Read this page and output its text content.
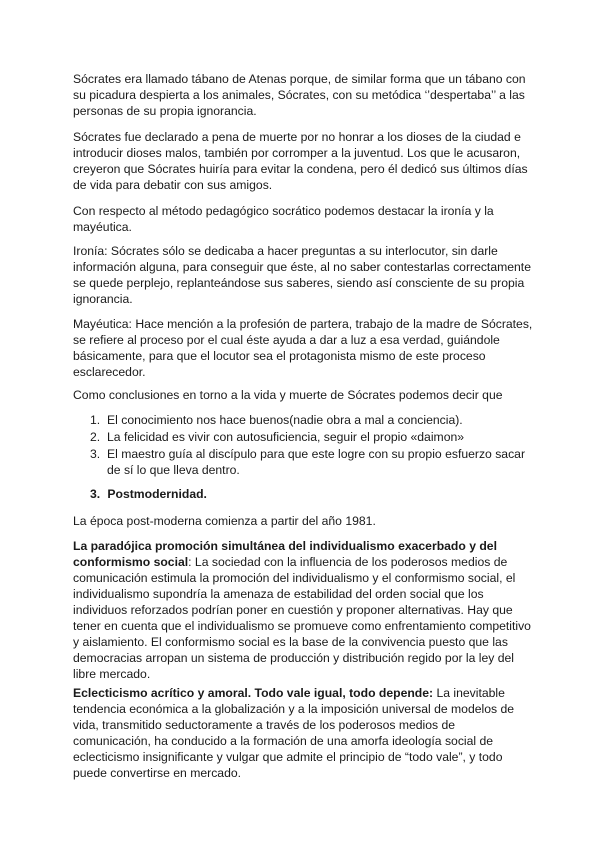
Sócrates era llamado tábano de Atenas porque, de similar forma que un tábano con su picadura despierta a los animales, Sócrates, con su metódica ‘’despertaba’’ a las personas de su propia ignorancia.

Sócrates fue declarado a pena de muerte por no honrar a los dioses de la ciudad e introducir dioses malos, también por corromper a la juventud. Los que le acusaron, creyeron que Sócrates huiría para evitar la condena, pero él dedicó sus últimos días de vida para debatir con sus amigos.

Con respecto al método pedagógico socrático podemos destacar la ironía y la mayéutica.

Ironía: Sócrates sólo se dedicaba a hacer preguntas a su interlocutor, sin darle información alguna, para conseguir que éste, al no saber contestarlas correctamente se quede perplejo, replanteándose sus saberes, siendo así consciente de su propia ignorancia.

Mayéutica: Hace mención a la profesión de partera, trabajo de la madre de Sócrates, se refiere al proceso por el cual éste ayuda a dar a luz a esa verdad, guiándole básicamente, para que el locutor sea el protagonista mismo de este proceso esclarecedor.

Como conclusiones en torno a la vida y muerte de Sócrates podemos decir que

1. El conocimiento nos hace buenos(nadie obra a mal a conciencia).
2. La felicidad es vivir con autosuficiencia, seguir el propio «daimon»
3. El maestro guía al discípulo para que este logre con su propio esfuerzo sacar de sí lo que lleva dentro.

3. Postmodernidad.

La época post-moderna comienza a partir del año 1981.

La paradójica promoción simultánea del individualismo exacerbado y del conformismo social: La sociedad con la influencia de los poderosos medios de comunicación estimula la promoción del individualismo y el conformismo social, el individualismo supondría la amenaza de estabilidad del orden social que los individuos reforzados podrían poner en cuestión y proponer alternativas. Hay que tener en cuenta que el individualismo se promueve como enfrentamiento competitivo y aislamiento. El conformismo social es la base de la convivencia puesto que las democracias arropan un sistema de producción y distribución regido por la ley del libre mercado.

Eclecticismo acrítico y amoral. Todo vale igual, todo depende: La inevitable tendencia económica a la globalización y a la imposición universal de modelos de vida, transmitido seductoramente a través de los poderosos medios de comunicación, ha conducido a la formación de una amorfa ideología social de eclecticismo insignificante y vulgar que admite el principio de “todo vale”, y todo puede convertirse en mercado.
